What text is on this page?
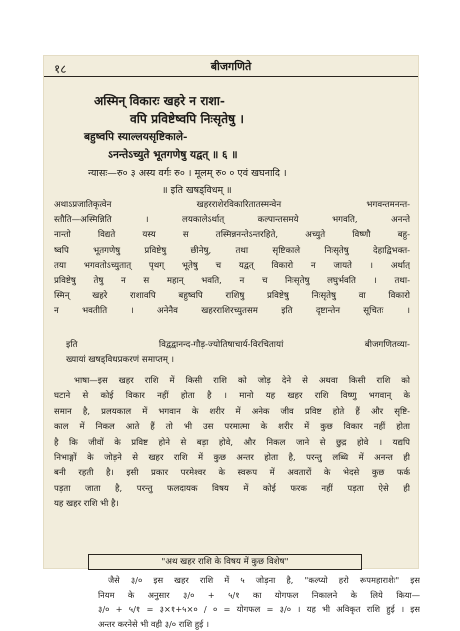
१८	बीजगणिते
अस्मिन् विकारः खहरे न राशा-
वपि प्रविष्टेष्वपि निःसृतेषु ।
बहुष्वपि स्याल्लयसृष्टिकाले-
ऽनन्तेऽच्युते भूतगणेषु यद्वत् ॥ ६ ॥
न्यासः—रु० ३ अस्य वर्गः रु० । मूलम् रु० ० एवं खघनादि ।
॥ इति खषड्विधम् ॥
अथाऽप्रजातिकृत्वेन खहरराशेरविकारितातस्मन्वेन भगवन्तमनन्त-
स्तौति—अस्मिन्निति । लयकालेऽर्थात् कल्पान्तसमये भगवति, अनन्ते
नान्तो विद्यते यस्य स तस्मिन्ननन्तेऽन्तरहिते, अच्युते विष्णौ बहु-
ष्वपि भूतगणेषु प्रविष्टेषु छीनेषु, तथा सृष्टिकाले निःसृतेषु देहाद्विभक्त-
तया भगवतोऽच्युतात् पृथग् भूतेषु च यद्वत् विकारो न जायते । अर्थात्
प्रविष्टेषु तेषु न स महान् भवति, न च निःसृतेषु लघुर्भवति । तथा-
स्मिन् खहरे राशावपि बहुष्वपि राशिषु प्रविष्टेषु निःसृतेषु वा विकारो
न भवतीति । अनेनैव खहरराशिरच्युतसम इति दृष्टान्तेन सूचितः ।
इति विद्वद्वानन्द-गौड़-ज्योतिषाचार्य-विरचितायां बीजगणितव्या-
ख्यायां खषड्विधप्रकरणं समाप्तम् ।
भाषा—इस खहर राशि में किसी राशि को जोड़ देने से अथवा किसी राशि को
घटाने से कोई विकार नहीं होता है । मानो यह खहर राशि विष्णु भगवान् के
समान है, प्रलयकाल में भगवान के शरीर में अनेक जीव प्रविष्ट होते हैं और सृष्टि-
काल में निकल आते हैं तो भी उस परमात्मा के शरीर में कुछ विकार नहीं होता
है कि जीवों के प्रविष्ट होने से बड़ा होवे, और निकल जाने से छुद्र होवे । यद्यपि
निभाङ्गों के जोड़ने से खहर राशि में कुछ अन्तर होता है, परन्तु लब्धि में अनन्त ही
बनी रहती है। इसी प्रकार परमेश्वर के स्वरूप में अवतारों के भेदसे कुछ फर्क
पड़ता जाता है, परन्तु फलदायक विषय में कोई फरक नहीं पड़ता ऐसे ही
यह खहर राशि भी है।
"अथ खहर राशि के विषय में कुछ विशेष"
जैसे ३/० इस खहर राशि में ५ जोड़ना है, "कल्प्यो हरो रूपमहाराशेः" इस
नियम के अनुसार ३/० + ५/१ का योगफल निकालने के लिये किया—
३/० + ५/१ = ३×१+५×० / ० = योगफल = ३/० । यह भी अविकृत राशि हुई । इस
अन्तर करनेसे भी वही ३/० राशि हुई ।
